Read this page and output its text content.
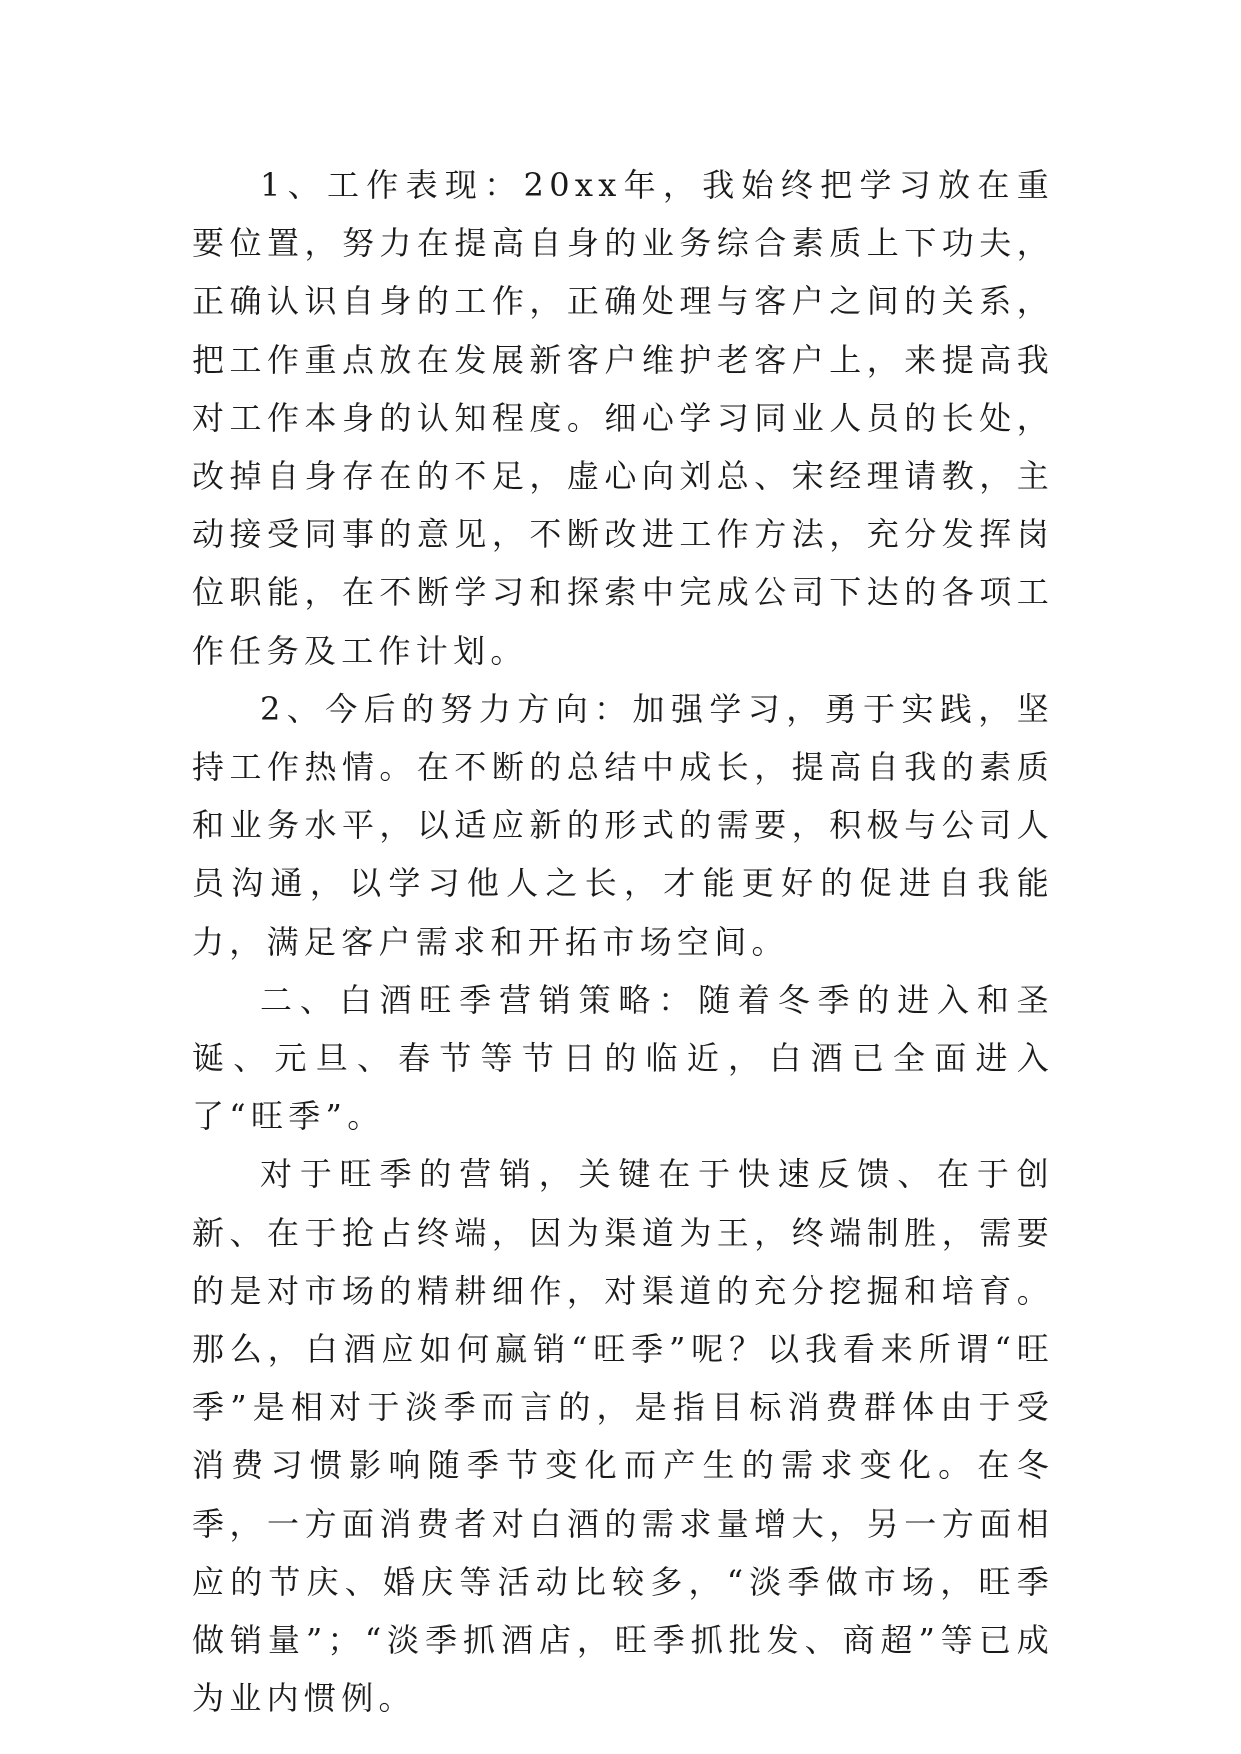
1、工作表现：20xx年，我始终把学习放在重要位置，努力在提高自身的业务综合素质上下功夫，正确认识自身的工作，正确处理与客户之间的关系，把工作重点放在发展新客户维护老客户上，来提高我对工作本身的认知程度。细心学习同业人员的长处，改掉自身存在的不足，虚心向刘总、宋经理请教，主动接受同事的意见，不断改进工作方法，充分发挥岗位职能，在不断学习和探索中完成公司下达的各项工作任务及工作计划。

2、今后的努力方向：加强学习，勇于实践，坚持工作热情。在不断的总结中成长，提高自我的素质和业务水平，以适应新的形式的需要，积极与公司人员沟通，以学习他人之长，才能更好的促进自我能力，满足客户需求和开拓市场空间。

二、白酒旺季营销策略：随着冬季的进入和圣诞、元旦、春节等节日的临近，白酒已全面进入了“旺季”。

对于旺季的营销，关键在于快速反馈、在于创新、在于抢占终端，因为渠道为王，终端制胜，需要的是对市场的精耕细作，对渠道的充分挖掘和培育。那么，白酒应如何赢销“旺季”呢？以我看来所谓“旺季”是相对于淡季而言的，是指目标消费群体由于受消费习惯影响随季节变化而产生的需求变化。在冬季，一方面消费者对白酒的需求量增大，另一方面相应的节庆、婚庆等活动比较多，“淡季做市场，旺季做销量”；“淡季抓酒店，旺季抓批发、商超”等已成为业内惯例。
